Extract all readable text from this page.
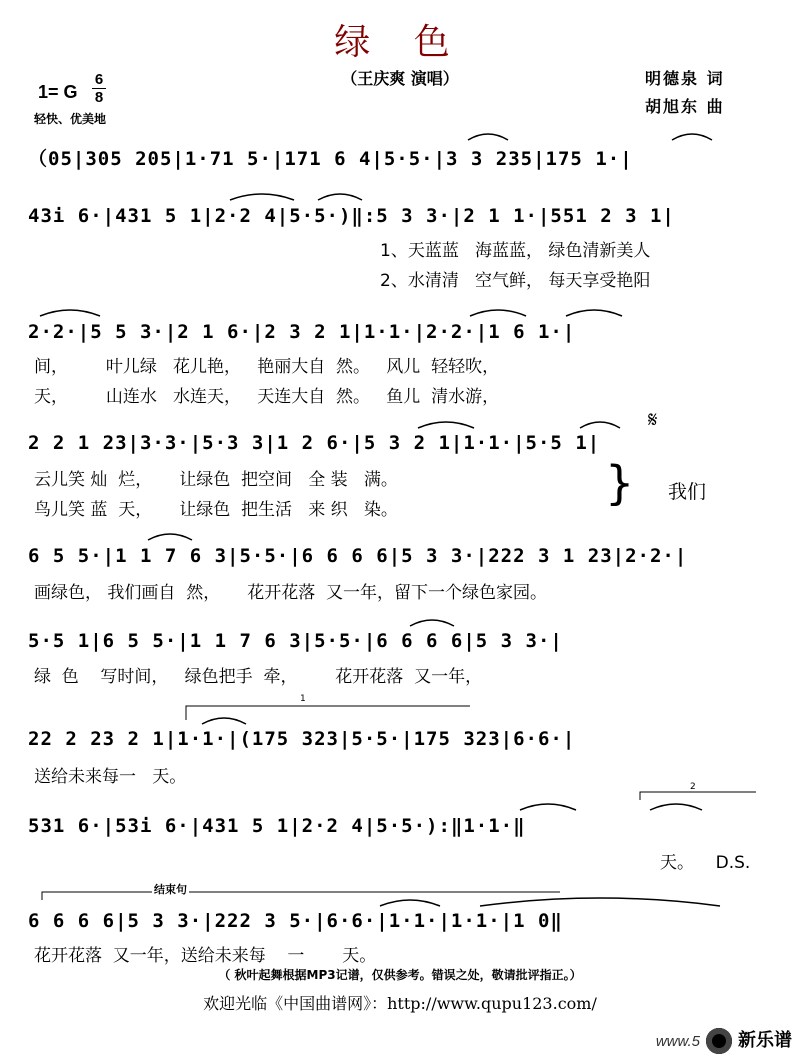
绿 色
（王庆爽 演唱）
1= G
6
8
轻快、优美地
明德泉 词
胡旭东 曲
（05|305 205|1·71 5·|171 6 4|5·5·|3 3 235|175 1·|
43i 6·|431 5 1|2·2 4|5·5·)‖:5 3 3·|2 1 1·|551 2 3 1|
1、天蓝蓝   海蓝蓝， 绿色清新美人
2、水清清   空气鲜， 每天享受艳阳
2·2·|5 5 3·|2 1 6·|2 3 2 1|1·1·|2·2·|1 6 1·|
间，       叶儿绿   花儿艳，   艳丽大自  然。   风儿  轻轻吹，
天，       山连水   水连天，   天连大自  然。   鱼儿  清水游，
2 2 1 23|3·3·|5·3 3|1 2 6·|5 3 2 1|1·1·|5·5 1|
𝄋
云儿笑 灿  烂，     让绿色  把空间   全 装   满。
鸟儿笑 蓝  天，     让绿色  把生活   来 织   染。	} 我们
6 5 5·|1 1 7 6 3|5·5·|6 6 6 6|5 3 3·|222 3 1 23|2·2·|
画绿色， 我们画自  然，     花开花落  又一年，留下一个绿色家园。
5·5 1|6 5 5·|1 1 7 6 3|5·5·|6 6 6 6|5 3 3·|
绿  色    写时间，   绿色把手  牵，       花开花落  又一年，
22 2 23 2 1|1·1·|(175 323|5·5·|175 323|6·6·|
送给未来每一   天。
531 6·|53i 6·|431 5 1|2·2 4|5·5·):‖1·1·‖
天。    D.S.
6 6 6 6|5 3 3·|222 3 5·|6·6·|1·1·|1·1·|1 0‖
花开花落  又一年，送给未来每    一       天。
1
2
结束句
（ 秋叶起舞根据MP3记谱，仅供参考。错误之处，敬请批评指正。）
欢迎光临《中国曲谱网》：http://www.qupu123.com/
www.5 新乐谱
